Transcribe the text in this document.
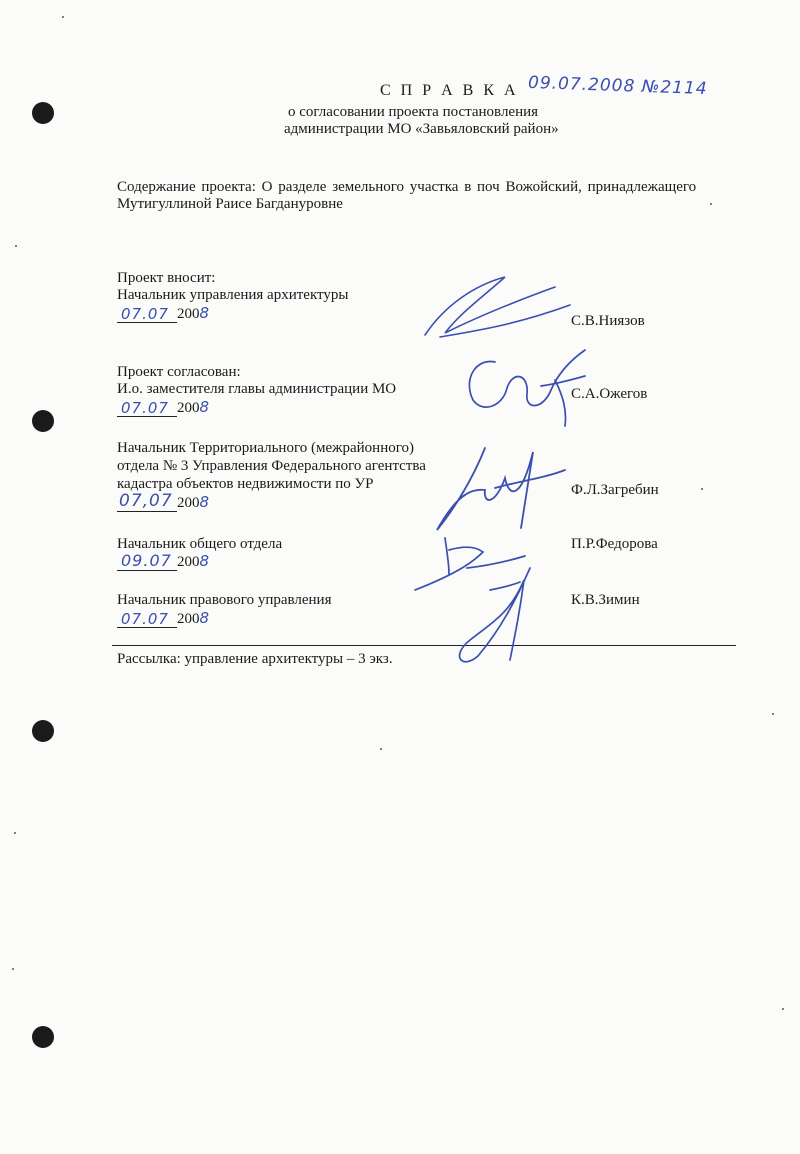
С П Р А В К А 09.07.2008 №2114
о согласовании проекта постановления
администрации МО «Завьяловский район»
Содержание проекта: О разделе земельного участка в поч Вожойский, принадлежащего
Мутигуллиной Раисе Багдануровне
Проект вносит:
Начальник управления архитектуры
07.07 2008	С.В.Ниязов
Проект согласован:
И.о. заместителя главы администрации МО
07.07 2008
С.А.Ожегов
Начальник Территориального (межрайонного)
отдела № 3 Управления Федерального агентства
кадастра объектов недвижимости по УР
07,07 2008
Ф.Л.Загребин
Начальник общего отдела
09.07 2008
П.Р.Федорова
Начальник правового управления
07.07 2008
К.В.Зимин
Рассылка: управление архитектуры – 3 экз.
